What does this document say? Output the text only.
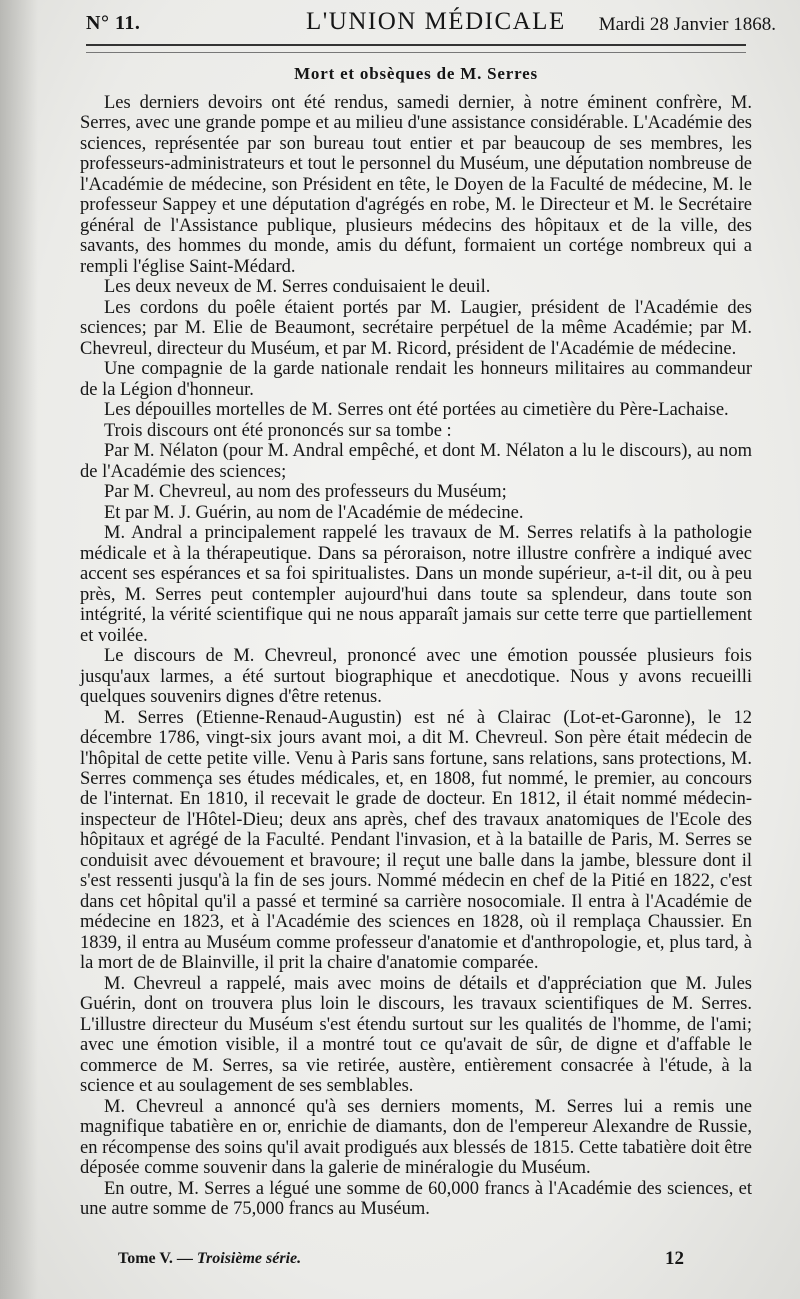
N° 11.	L'UNION MÉDICALE Mardi 28 Janvier 1868.
Mort et obsèques de M. Serres

Les derniers devoirs ont été rendus, samedi dernier, à notre éminent confrère, M. Serres, avec une grande pompe et au milieu d'une assistance considérable. L'Académie des sciences, représentée par son bureau tout entier et par beaucoup de ses membres, les professeurs-administrateurs et tout le personnel du Muséum, une députation nombreuse de l'Académie de médecine, son Président en tête, le Doyen de la Faculté de médecine, M. le professeur Sappey et une députation d'agrégés en robe, M. le Directeur et M. le Secrétaire général de l'Assistance publique, plusieurs médecins des hôpitaux et de la ville, des savants, des hommes du monde, amis du défunt, formaient un cortége nombreux qui a rempli l'église Saint-Médard.

Les deux neveux de M. Serres conduisaient le deuil.

Les cordons du poêle étaient portés par M. Laugier, président de l'Académie des sciences; par M. Elie de Beaumont, secrétaire perpétuel de la même Académie; par M. Chevreul, directeur du Muséum, et par M. Ricord, président de l'Académie de médecine.

Une compagnie de la garde nationale rendait les honneurs militaires au commandeur de la Légion d'honneur.

Les dépouilles mortelles de M. Serres ont été portées au cimetière du Père-Lachaise.

Trois discours ont été prononcés sur sa tombe :

Par M. Nélaton (pour M. Andral empêché, et dont M. Nélaton a lu le discours), au nom de l'Académie des sciences;

Par M. Chevreul, au nom des professeurs du Muséum;

Et par M. J. Guérin, au nom de l'Académie de médecine.

M. Andral a principalement rappelé les travaux de M. Serres relatifs à la pathologie médicale et à la thérapeutique. Dans sa péroraison, notre illustre confrère a indiqué avec accent ses espérances et sa foi spiritualistes. Dans un monde supérieur, a-t-il dit, ou à peu près, M. Serres peut contempler aujourd'hui dans toute sa splendeur, dans toute son intégrité, la vérité scientifique qui ne nous apparaît jamais sur cette terre que partiellement et voilée.

Le discours de M. Chevreul, prononcé avec une émotion poussée plusieurs fois jusqu'aux larmes, a été surtout biographique et anecdotique. Nous y avons recueilli quelques souvenirs dignes d'être retenus.

M. Serres (Etienne-Renaud-Augustin) est né à Clairac (Lot-et-Garonne), le 12 décembre 1786, vingt-six jours avant moi, a dit M. Chevreul. Son père était médecin de l'hôpital de cette petite ville. Venu à Paris sans fortune, sans relations, sans protections, M. Serres commença ses études médicales, et, en 1808, fut nommé, le premier, au concours de l'internat. En 1810, il recevait le grade de docteur. En 1812, il était nommé médecin-inspecteur de l'Hôtel-Dieu; deux ans après, chef des travaux anatomiques de l'Ecole des hôpitaux et agrégé de la Faculté. Pendant l'invasion, et à la bataille de Paris, M. Serres se conduisit avec dévouement et bravoure; il reçut une balle dans la jambe, blessure dont il s'est ressenti jusqu'à la fin de ses jours. Nommé médecin en chef de la Pitié en 1822, c'est dans cet hôpital qu'il a passé et terminé sa carrière nosocomiale. Il entra à l'Académie de médecine en 1823, et à l'Académie des sciences en 1828, où il remplaça Chaussier. En 1839, il entra au Muséum comme professeur d'anatomie et d'anthropologie, et, plus tard, à la mort de de Blainville, il prit la chaire d'anatomie comparée.

M. Chevreul a rappelé, mais avec moins de détails et d'appréciation que M. Jules Guérin, dont on trouvera plus loin le discours, les travaux scientifiques de M. Serres. L'illustre directeur du Muséum s'est étendu surtout sur les qualités de l'homme, de l'ami; avec une émotion visible, il a montré tout ce qu'avait de sûr, de digne et d'affable le commerce de M. Serres, sa vie retirée, austère, entièrement consacrée à l'étude, à la science et au soulagement de ses semblables.

M. Chevreul a annoncé qu'à ses derniers moments, M. Serres lui a remis une magnifique tabatière en or, enrichie de diamants, don de l'empereur Alexandre de Russie, en récompense des soins qu'il avait prodigués aux blessés de 1815. Cette tabatière doit être déposée comme souvenir dans la galerie de minéralogie du Muséum.

En outre, M. Serres a légué une somme de 60,000 francs à l'Académie des sciences, et une autre somme de 75,000 francs au Muséum.

Tome V. — Troisième série.	12
